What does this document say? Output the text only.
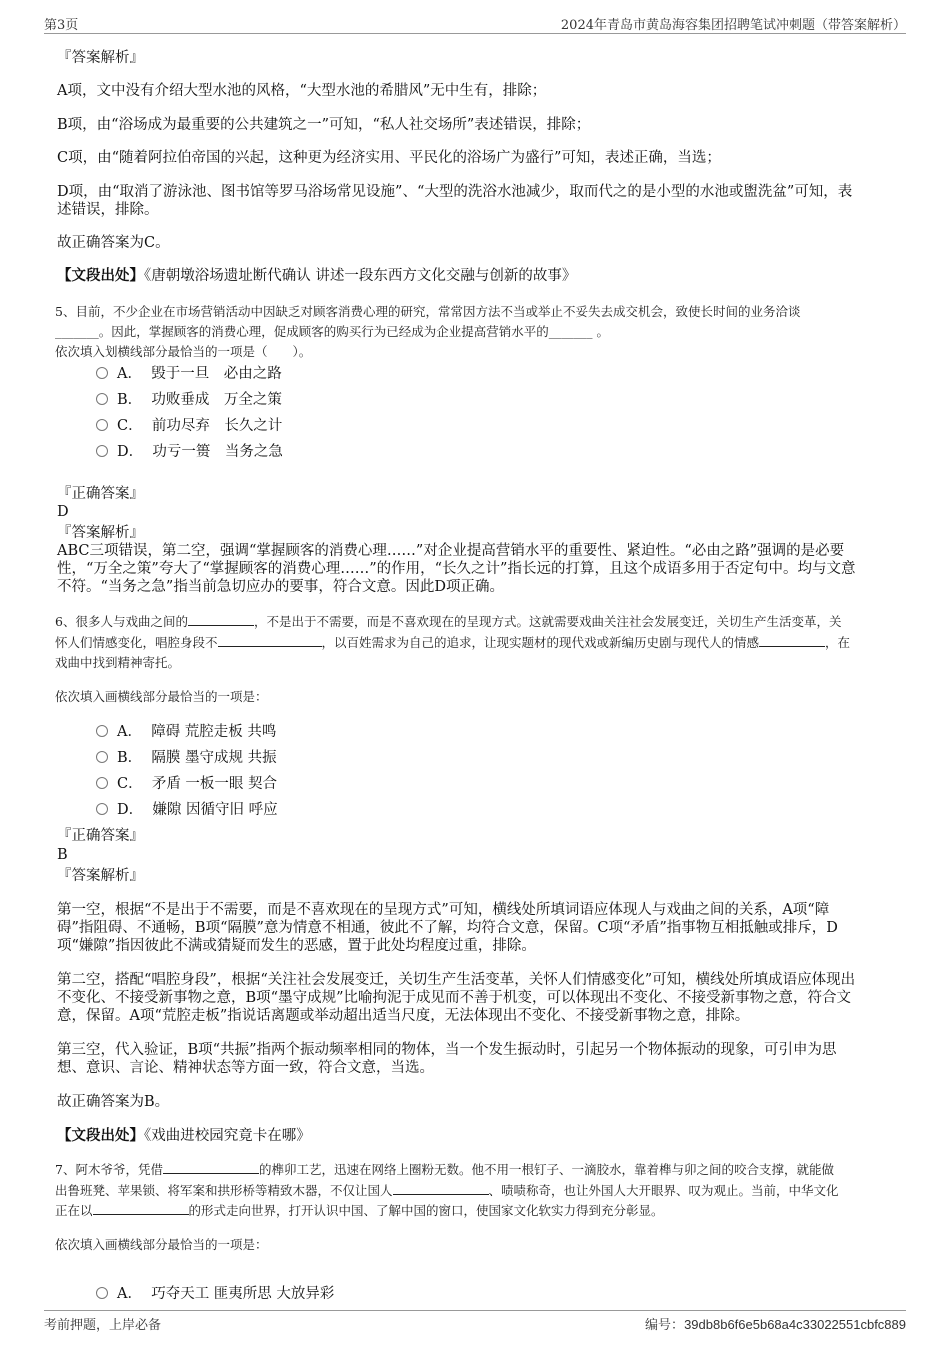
第3页	2024年青岛市黄岛海容集团招聘笔试冲刺题（带答案解析）
『答案解析』
A项，文中没有介绍大型水池的风格，“大型水池的希腊风”无中生有，排除；
B项，由“浴场成为最重要的公共建筑之一”可知，“私人社交场所”表述错误，排除；
C项，由“随着阿拉伯帝国的兴起，这种更为经济实用、平民化的浴场广为盛行”可知，表述正确，当选；
D项，由“取消了游泳池、图书馆等罗马浴场常见设施”、“大型的洗浴水池减少，取而代之的是小型的水池或盥洗盆”可知，表
述错误，排除。
故正确答案为C。
【文段出处】《唐朝墩浴场遗址断代确认 讲述一段东西方文化交融与创新的故事》
5、目前，不少企业在市场营销活动中因缺乏对顾客消费心理的研究，常常因方法不当或举止不妥失去成交机会，致使长时间的业务洽谈
_______。因此，掌握顾客的消费心理，促成顾客的购买行为已经成为企业提高营销水平的_______ 。
依次填入划横线部分最恰当的一项是（　　）。
A． 毁于一旦　必由之路
B． 功败垂成　万全之策
C． 前功尽弃　长久之计
D． 功亏一篑　当务之急
『正确答案』
D
『答案解析』
ABC三项错误，第二空，强调“掌握顾客的消费心理……”对企业提高营销水平的重要性、紧迫性。“必由之路”强调的是必要
性，“万全之策”夸大了“掌握顾客的消费心理……”的作用，“长久之计”指长远的打算，且这个成语多用于否定句中。均与文意
不符。“当务之急”指当前急切应办的要事，符合文意。因此D项正确。
6、很多人与戏曲之间的	，不是出于不需要，而是不喜欢现在的呈现方式。这就需要戏曲关注社会发展变迁，关切生产生活变革，关
怀人们情感变化，唱腔身段不	，以百姓需求为自己的追求，让现实题材的现代戏或新编历史剧与现代人的情感	，在
戏曲中找到精神寄托。
依次填入画横线部分最恰当的一项是：
A． 障碍 荒腔走板 共鸣
B． 隔膜 墨守成规 共振
C． 矛盾 一板一眼 契合
D． 嫌隙 因循守旧 呼应
『正确答案』
B
『答案解析』
第一空，根据“不是出于不需要，而是不喜欢现在的呈现方式”可知，横线处所填词语应体现人与戏曲之间的关系，A项“障
碍”指阻碍、不通畅，B项“隔膜”意为情意不相通，彼此不了解，均符合文意，保留。C项“矛盾”指事物互相抵触或排斥，D
项“嫌隙”指因彼此不满或猜疑而发生的恶感，置于此处均程度过重，排除。
第二空，搭配“唱腔身段”，根据“关注社会发展变迁，关切生产生活变革，关怀人们情感变化”可知，横线处所填成语应体现出
不变化、不接受新事物之意，B项“墨守成规”比喻拘泥于成见而不善于机变，可以体现出不变化、不接受新事物之意，符合文
意，保留。A项“荒腔走板”指说话离题或举动超出适当尺度，无法体现出不变化、不接受新事物之意，排除。
第三空，代入验证，B项“共振”指两个振动频率相同的物体，当一个发生振动时，引起另一个物体振动的现象，可引申为思
想、意识、言论、精神状态等方面一致，符合文意，当选。
故正确答案为B。
【文段出处】《戏曲进校园究竟卡在哪》
7、阿木爷爷，凭借	的榫卯工艺，迅速在网络上圈粉无数。他不用一根钉子、一滴胶水，靠着榫与卯之间的咬合支撑，就能做
出鲁班凳、苹果锁、将军案和拱形桥等精致木器，不仅让国人	、啧啧称奇，也让外国人大开眼界、叹为观止。当前，中华文化
正在以	的形式走向世界，打开认识中国、了解中国的窗口，使国家文化软实力得到充分彰显。
依次填入画横线部分最恰当的一项是：
A． 巧夺天工 匪夷所思 大放异彩
考前押题，上岸必备	编号：39db8b6f6e5b68a4c33022551cbfc889
